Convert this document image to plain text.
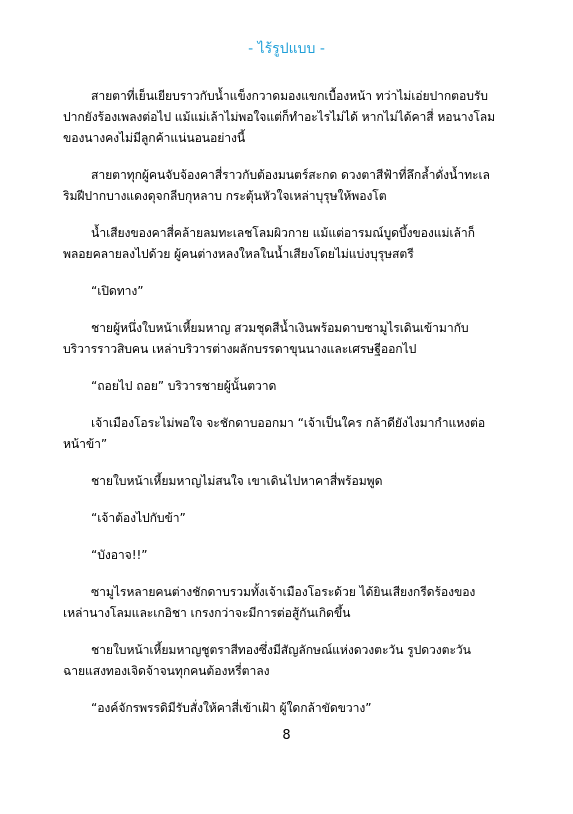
- ไร้รูปแบบ -
สายตาที่เย็นเยียบราวกับน้ำแข็งกวาดมองแขกเบื้องหน้า ทว่าไม่เอ่ยปากตอบรับ
ปากยังร้องเพลงต่อไป แม้แม่เล้าไม่พอใจแต่ก็ทำอะไรไม่ได้ หากไม่ได้คาสี่ หอนางโลม
ของนางคงไม่มีลูกค้าแน่นอนอย่างนี้
สายตาทุกผู้คนจับจ้องคาสี่ราวกับต้องมนตร์สะกด ดวงตาสีฟ้าที่ลึกล้ำดั่งน้ำทะเล
ริมฝีปากบางแดงดุจกลีบกุหลาบ กระตุ้นหัวใจเหล่าบุรุษให้พองโต
น้ำเสียงของคาสี่คล้ายลมทะเลชโลมผิวกาย แม้แต่อารมณ์บูดบึ้งของแม่เล้าก็
พลอยคลายลงไปด้วย ผู้คนต่างหลงใหลในน้ำเสียงโดยไม่แบ่งบุรุษสตรี
“เปิดทาง”
ชายผู้หนึ่งใบหน้าเหี้ยมหาญ สวมชุดสีน้ำเงินพร้อมดาบซามูไรเดินเข้ามากับ
บริวารราวสิบคน เหล่าบริวารต่างผลักบรรดาขุนนางและเศรษฐีออกไป
“ถอยไป ถอย” บริวารชายผู้นั้นตวาด
เจ้าเมืองโอระไม่พอใจ จะชักดาบออกมา “เจ้าเป็นใคร กล้าดียังไงมากำแหงต่อ
หน้าข้า”
ชายใบหน้าเหี้ยมหาญไม่สนใจ เขาเดินไปหาคาสี่พร้อมพูด
“เจ้าต้องไปกับข้า”
“บังอาจ!!”
ซามูไรหลายคนต่างชักดาบรวมทั้งเจ้าเมืองโอระด้วย ได้ยินเสียงกรีดร้องของ
เหล่านางโลมและเกอิชา เกรงกว่าจะมีการต่อสู้กันเกิดขึ้น
ชายใบหน้าเหี้ยมหาญชูตราสีทองซึ่งมีสัญลักษณ์แห่งดวงตะวัน รูปดวงตะวัน
ฉายแสงทองเจิดจ้าจนทุกคนต้องหรี่ตาลง
“องค์จักรพรรดิมีรับสั่งให้คาสี่เข้าเฝ้า ผู้ใดกล้าขัดขวาง”
8
